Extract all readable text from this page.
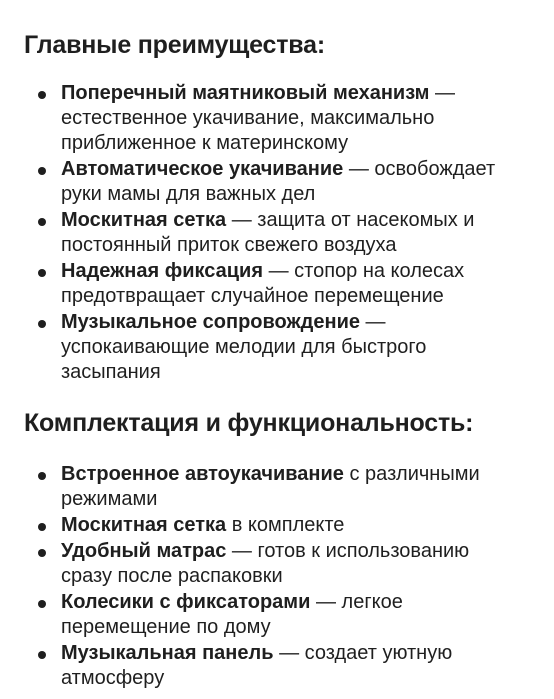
Главные преимущества:
Поперечный маятниковый механизм — естественное укачивание, максимально приближенное к материнскому
Автоматическое укачивание — освобождает руки мамы для важных дел
Москитная сетка — защита от насекомых и постоянный приток свежего воздуха
Надежная фиксация — стопор на колесах предотвращает случайное перемещение
Музыкальное сопровождение — успокаивающие мелодии для быстрого засыпания
Комплектация и функциональность:
Встроенное автоукачивание с различными режимами
Москитная сетка в комплекте
Удобный матрас — готов к использованию сразу после распаковки
Колесики с фиксаторами — легкое перемещение по дому
Музыкальная панель — создает уютную атмосферу
